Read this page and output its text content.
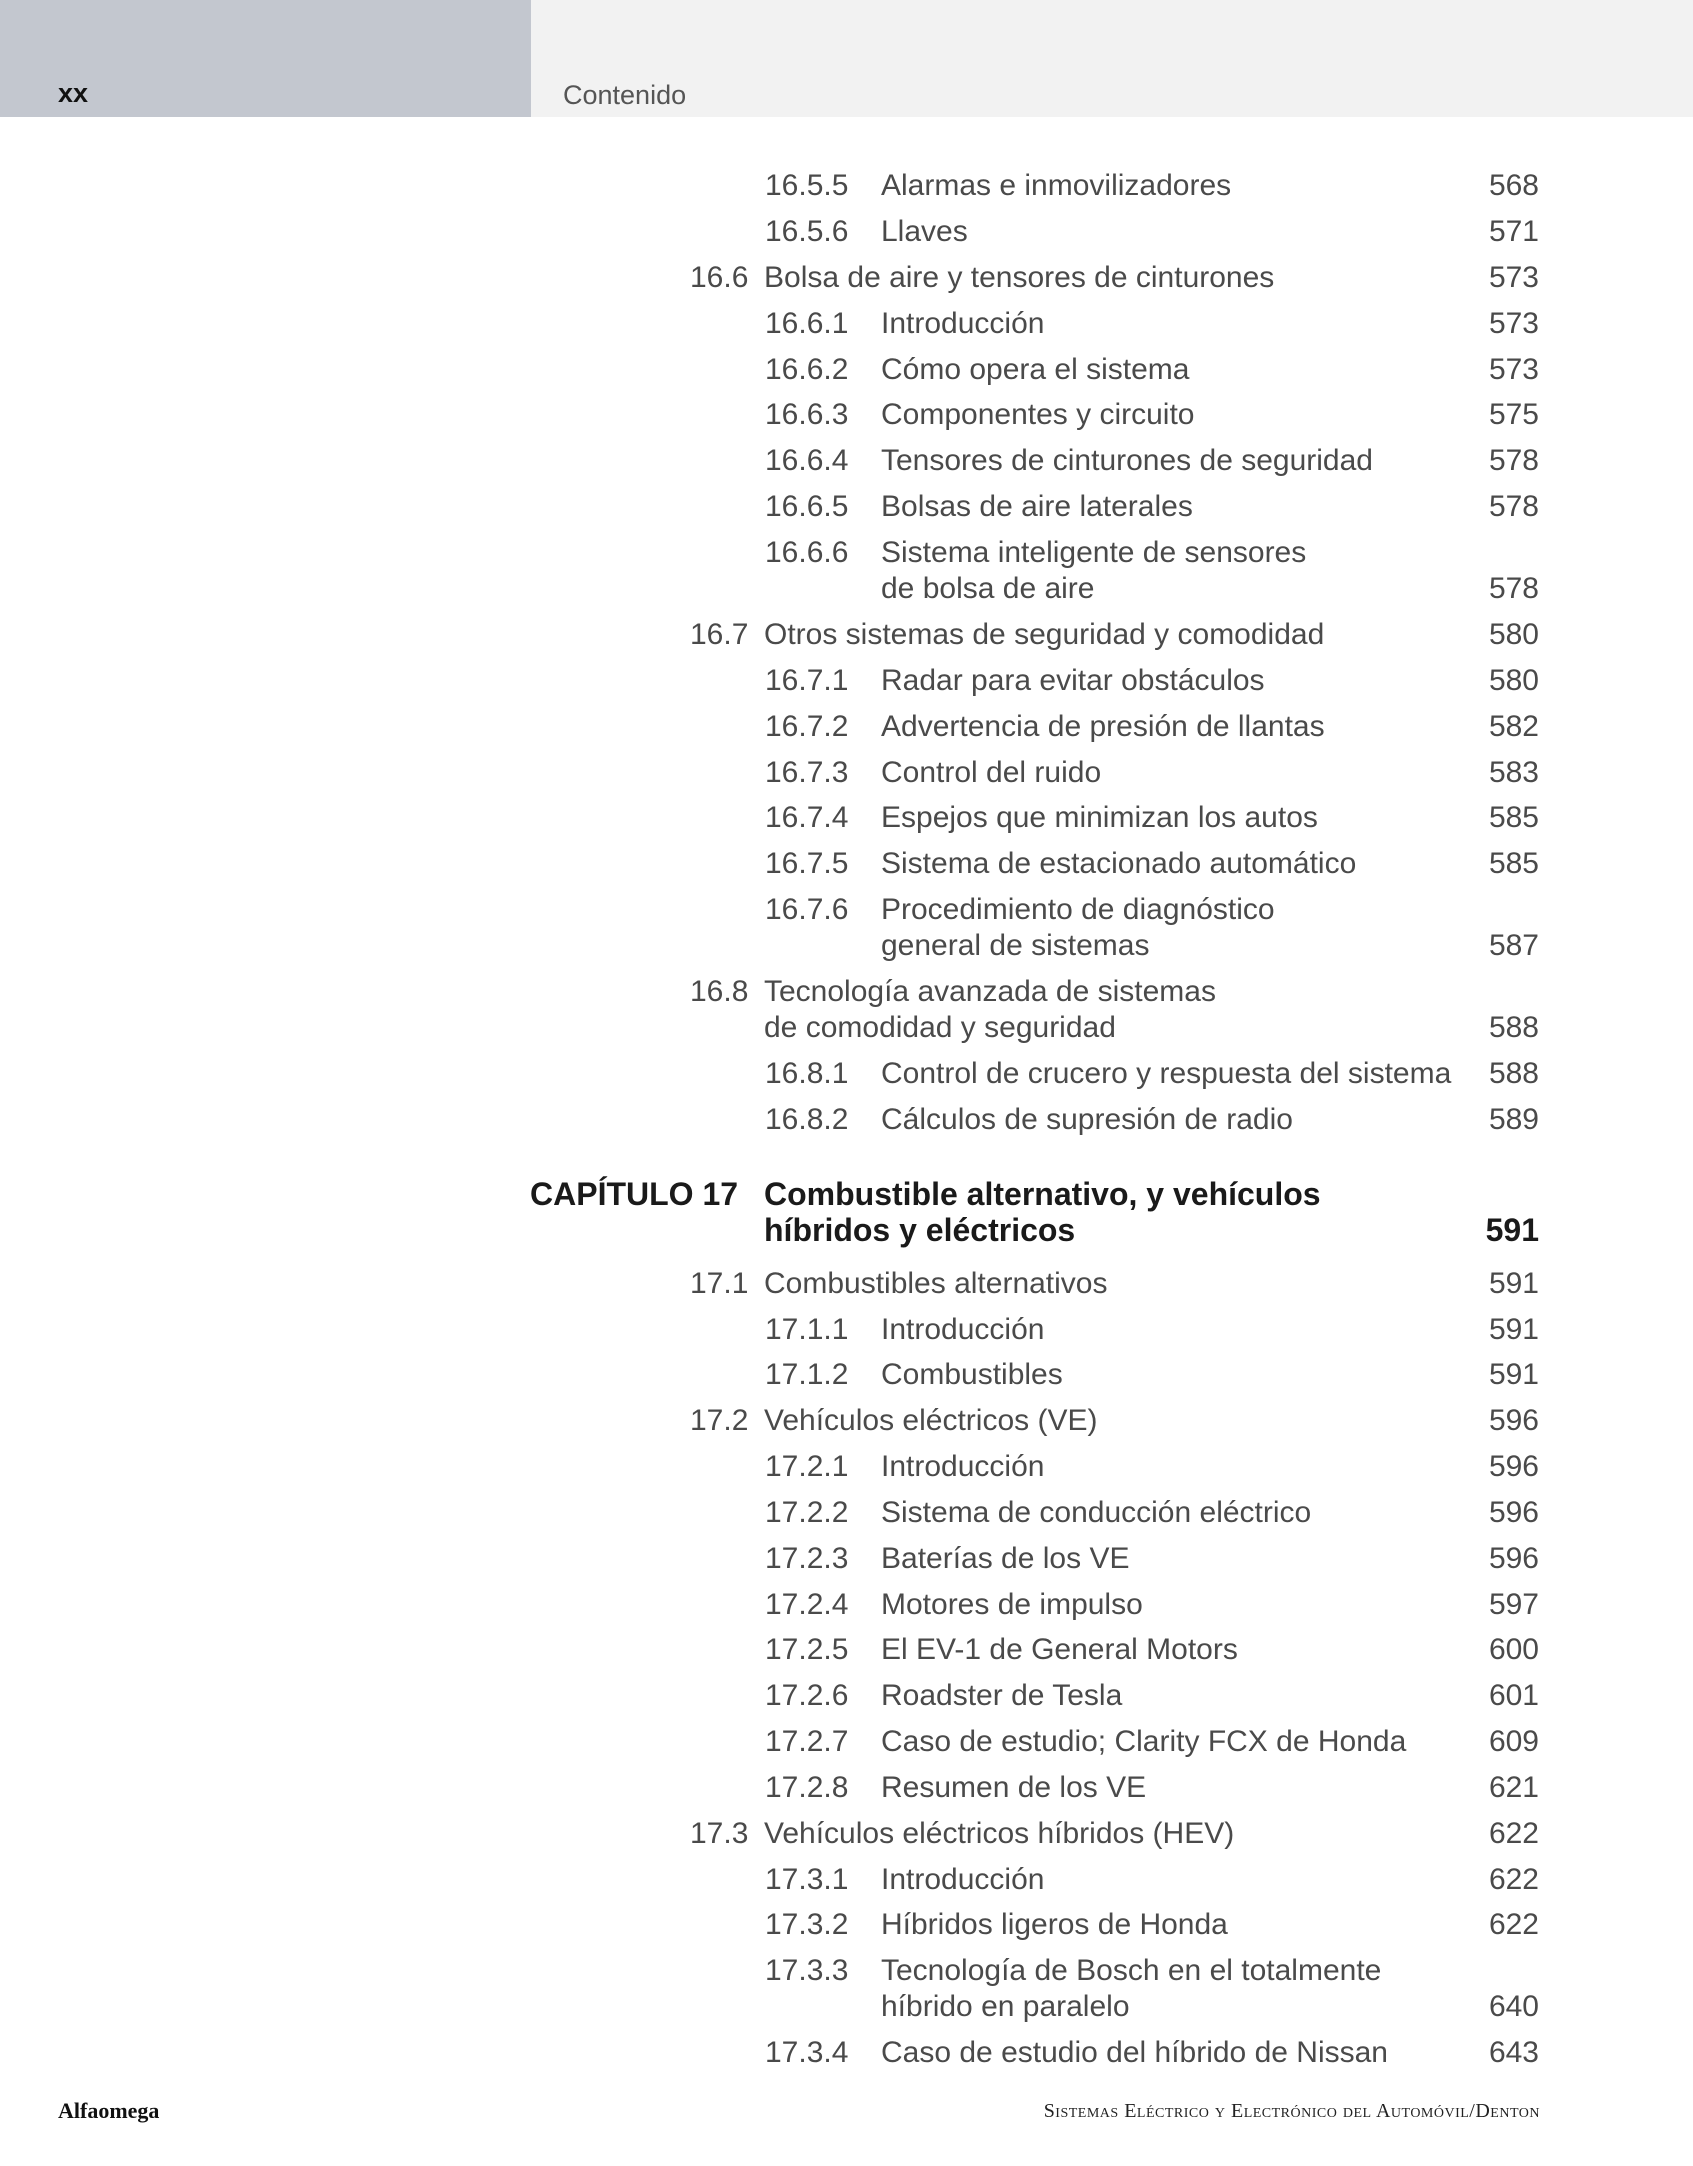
xx	Contenido
16.5.5 Alarmas e inmovilizadores	568
16.5.6 Llaves	571
16.6 Bolsa de aire y tensores de cinturones	573
16.6.1 Introducción	573
16.6.2 Cómo opera el sistema	573
16.6.3 Componentes y circuito	575
16.6.4 Tensores de cinturones de seguridad	578
16.6.5 Bolsas de aire laterales	578
16.6.6 Sistema inteligente de sensores
de bolsa de aire	578
16.7 Otros sistemas de seguridad y comodidad	580
16.7.1 Radar para evitar obstáculos	580
16.7.2 Advertencia de presión de llantas	582
16.7.3 Control del ruido	583
16.7.4 Espejos que minimizan los autos	585
16.7.5 Sistema de estacionado automático	585
16.7.6 Procedimiento de diagnóstico
general de sistemas	587
16.8 Tecnología avanzada de sistemas
de comodidad y seguridad	588
16.8.1 Control de crucero y respuesta del sistema	588
16.8.2 Cálculos de supresión de radio	589
CAPÍTULO 17 Combustible alternativo, y vehículos
híbridos y eléctricos	591
17.1 Combustibles alternativos	591
17.1.1 Introducción	591
17.1.2 Combustibles	591
17.2 Vehículos eléctricos (VE)	596
17.2.1 Introducción	596
17.2.2 Sistema de conducción eléctrico	596
17.2.3 Baterías de los VE	596
17.2.4 Motores de impulso	597
17.2.5 El EV-1 de General Motors	600
17.2.6 Roadster de Tesla	601
17.2.7 Caso de estudio; Clarity FCX de Honda	609
17.2.8 Resumen de los VE	621
17.3 Vehículos eléctricos híbridos (HEV)	622
17.3.1 Introducción	622
17.3.2 Híbridos ligeros de Honda	622
17.3.3 Tecnología de Bosch en el totalmente
híbrido en paralelo	640
17.3.4 Caso de estudio del híbrido de Nissan	643
Alfaomega	Sistemas Eléctrico y Electrónico del Automóvil/Denton
